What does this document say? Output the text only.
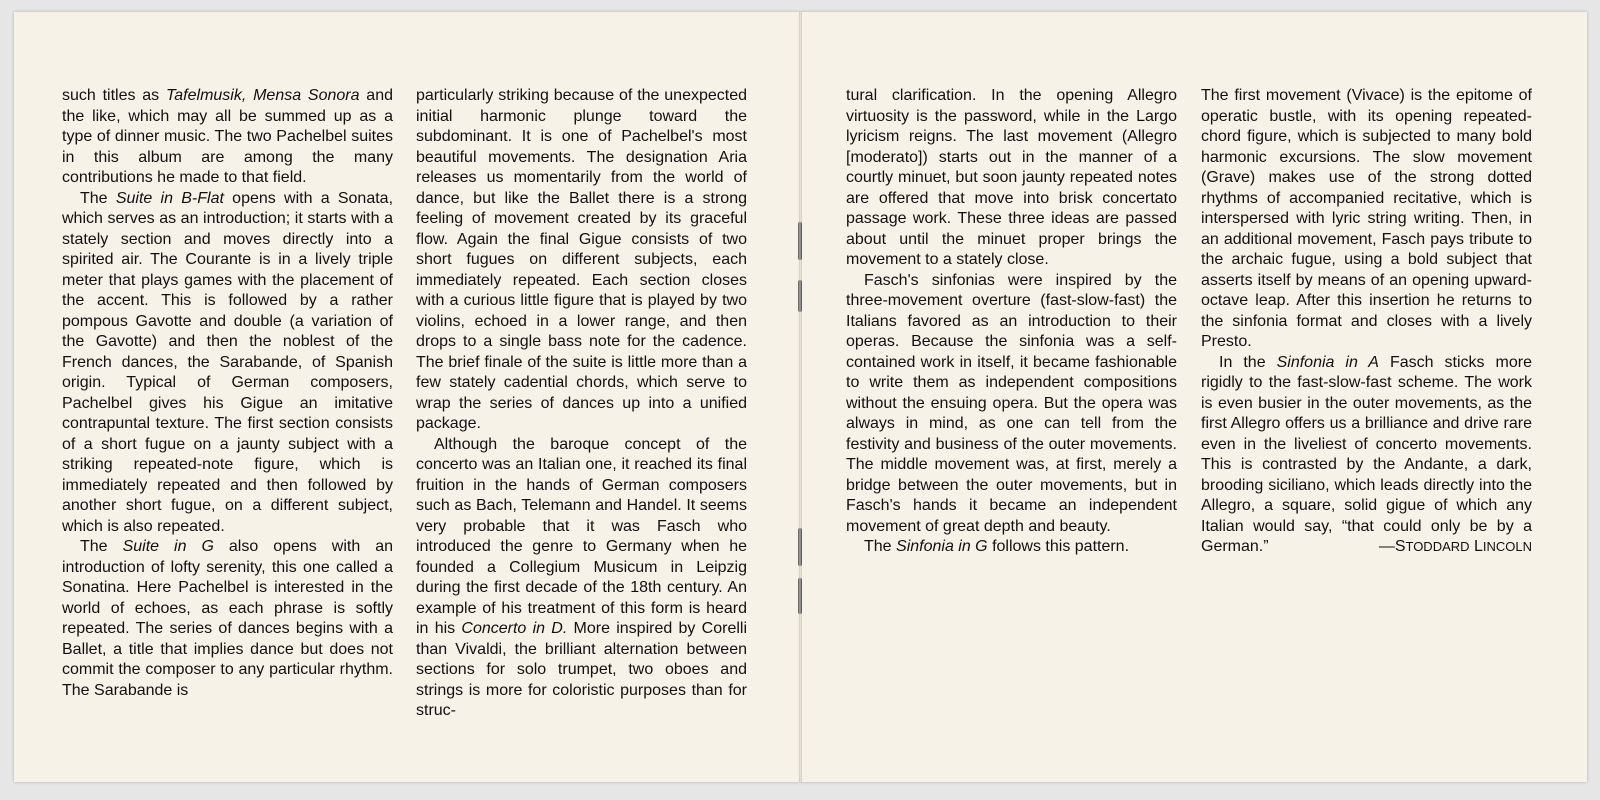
such titles as Tafelmusik, Mensa Sonora and the like, which may all be summed up as a type of dinner music. The two Pachelbel suites in this album are among the many contributions he made to that field.

The Suite in B-Flat opens with a Sonata, which serves as an introduction; it starts with a stately section and moves directly into a spirited air. The Courante is in a lively triple meter that plays games with the placement of the accent. This is followed by a rather pompous Gavotte and double (a variation of the Gavotte) and then the noblest of the French dances, the Sarabande, of Spanish origin. Typical of German composers, Pachelbel gives his Gigue an imitative contrapuntal texture. The first section consists of a short fugue on a jaunty subject with a striking repeated-note figure, which is immediately repeated and then followed by another short fugue, on a different subject, which is also repeated.

The Suite in G also opens with an introduction of lofty serenity, this one called a Sonatina. Here Pachelbel is interested in the world of echoes, as each phrase is softly repeated. The series of dances begins with a Ballet, a title that implies dance but does not commit the composer to any particular rhythm. The Sarabande is

particularly striking because of the unexpected initial harmonic plunge toward the subdominant. It is one of Pachelbel's most beautiful movements. The designation Aria releases us momentarily from the world of dance, but like the Ballet there is a strong feeling of movement created by its graceful flow. Again the final Gigue consists of two short fugues on different subjects, each immediately repeated. Each section closes with a curious little figure that is played by two violins, echoed in a lower range, and then drops to a single bass note for the cadence. The brief finale of the suite is little more than a few stately cadential chords, which serve to wrap the series of dances up into a unified package.

Although the baroque concept of the concerto was an Italian one, it reached its final fruition in the hands of German composers such as Bach, Telemann and Handel. It seems very probable that it was Fasch who introduced the genre to Germany when he founded a Collegium Musicum in Leipzig during the first decade of the 18th century. An example of his treatment of this form is heard in his Concerto in D. More inspired by Corelli than Vivaldi, the brilliant alternation between sections for solo trumpet, two oboes and strings is more for coloristic purposes than for struc-

tural clarification. In the opening Allegro virtuosity is the password, while in the Largo lyricism reigns. The last movement (Allegro [moderato]) starts out in the manner of a courtly minuet, but soon jaunty repeated notes are offered that move into brisk concertato passage work. These three ideas are passed about until the minuet proper brings the movement to a stately close.

Fasch's sinfonias were inspired by the three-movement overture (fast-slow-fast) the Italians favored as an introduction to their operas. Because the sinfonia was a self-contained work in itself, it became fashionable to write them as independent compositions without the ensuing opera. But the opera was always in mind, as one can tell from the festivity and business of the outer movements. The middle movement was, at first, merely a bridge between the outer movements, but in Fasch's hands it became an independent movement of great depth and beauty.

The Sinfonia in G follows this pattern.

The first movement (Vivace) is the epitome of operatic bustle, with its opening repeated-chord figure, which is subjected to many bold harmonic excursions. The slow movement (Grave) makes use of the strong dotted rhythms of accompanied recitative, which is interspersed with lyric string writing. Then, in an additional movement, Fasch pays tribute to the archaic fugue, using a bold subject that asserts itself by means of an opening upward-octave leap. After this insertion he returns to the sinfonia format and closes with a lively Presto.

In the Sinfonia in A Fasch sticks more rigidly to the fast-slow-fast scheme. The work is even busier in the outer movements, as the first Allegro offers us a brilliance and drive rare even in the liveliest of concerto movements. This is contrasted by the Andante, a dark, brooding siciliano, which leads directly into the Allegro, a square, solid gigue of which any Italian would say, “that could only be by a German.”	—STODDARD LINCOLN
